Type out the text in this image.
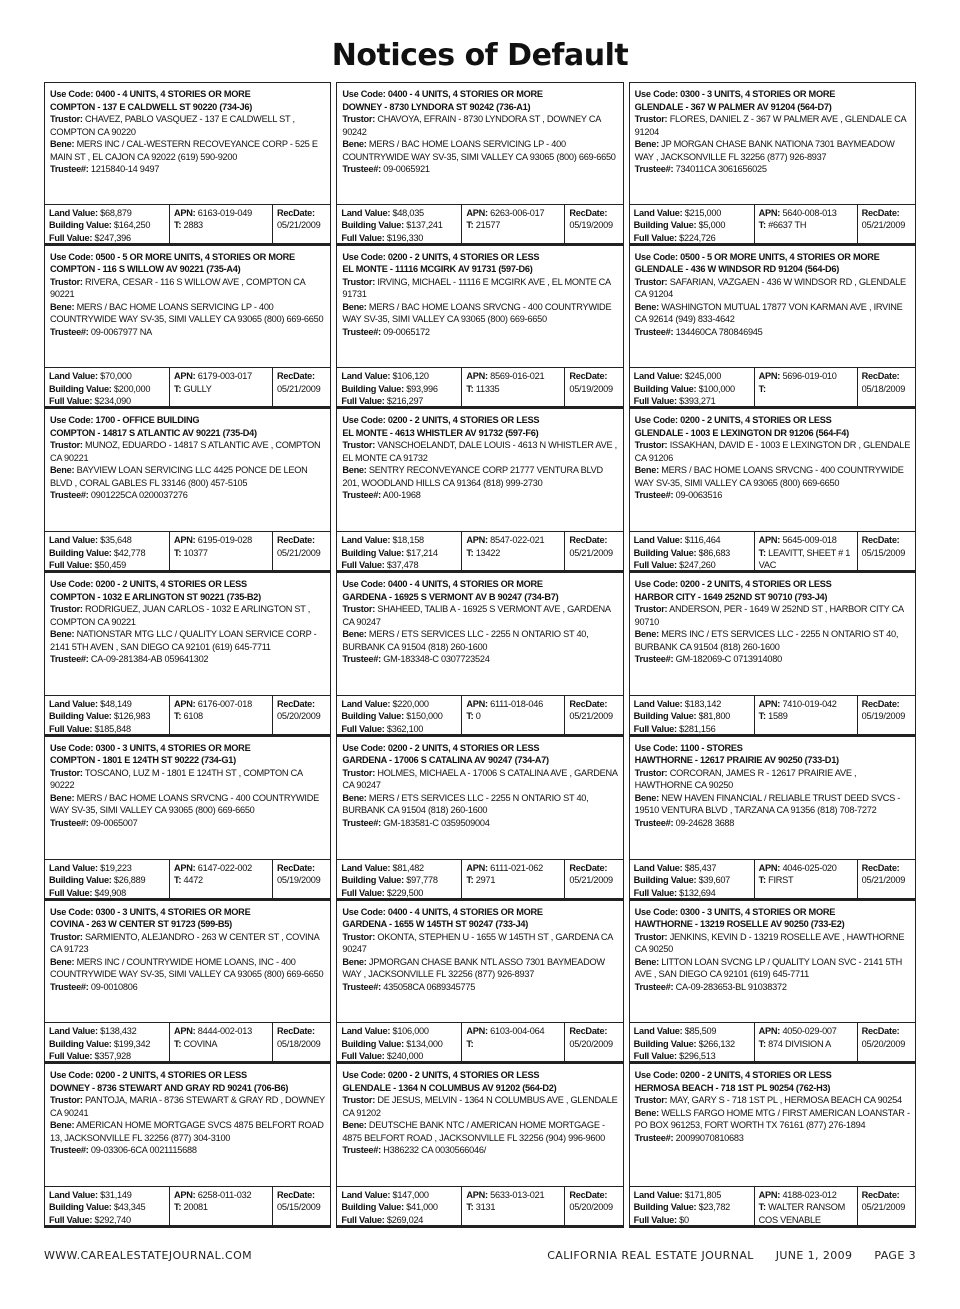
Notices of Default
Use Code: 0400 - 4 UNITS, 4 STORIES OR MORE
COMPTON - 137 E CALDWELL ST 90220 (734-J6)
Trustor: CHAVEZ, PABLO VASQUEZ - 137 E CALDWELL ST , COMPTON CA 90220
Bene: MERS INC / CAL-WESTERN RECOVEYANCE CORP - 525 E MAIN ST , EL CAJON CA 92022 (619) 590-9200
Trustee#: 1215840-14 9497
Land Value: $68,879
Building Value: $164,250
Full Value: $247,396
APN: 6163-019-049
T: 2883
RecDate:
05/21/2009
Use Code: 0400 - 4 UNITS, 4 STORIES OR MORE
DOWNEY - 8730 LYNDORA ST 90242 (736-A1)
Trustor: CHAVOYA, EFRAIN - 8730 LYNDORA ST , DOWNEY CA 90242
Bene: MERS / BAC HOME LOANS SERVICING LP - 400 COUNTRYWIDE WAY SV-35, SIMI VALLEY CA 93065 (800) 669-6650
Trustee#: 09-0065921
Land Value: $48,035
Building Value: $137,241
Full Value: $196,330
APN: 6263-006-017
T: 21577
RecDate:
05/19/2009
Use Code: 0300 - 3 UNITS, 4 STORIES OR MORE
GLENDALE - 367 W PALMER AV 91204 (564-D7)
Trustor: FLORES, DANIEL Z - 367 W PALMER AVE , GLENDALE CA 91204
Bene: JP MORGAN CHASE BANK NATIONA 7301 BAYMEADOW WAY , JACKSONVILLE FL 32256 (877) 926-8937
Trustee#: 734011CA 3061656025
Land Value: $215,000
Building Value: $5,000
Full Value: $224,726
APN: 5640-008-013
T: #6637 TH
RecDate:
05/21/2009
Use Code: 0500 - 5 OR MORE UNITS, 4 STORIES OR MORE
COMPTON - 116 S WILLOW AV 90221 (735-A4)
Trustor: RIVERA, CESAR - 116 S WILLOW AVE , COMPTON CA 90221
Bene: MERS / BAC HOME LOANS SERVICING LP - 400 COUNTRYWIDE WAY SV-35, SIMI VALLEY CA 93065 (800) 669-6650
Trustee#: 09-0067977 NA
Land Value: $70,000
Building Value: $200,000
Full Value: $234,090
APN: 6179-003-017
T: GULLY
RecDate:
05/21/2009
Use Code: 0200 - 2 UNITS, 4 STORIES OR LESS
EL MONTE - 11116 MCGIRK AV 91731 (597-D6)
Trustor: IRVING, MICHAEL - 11116 E MCGIRK AVE , EL MONTE CA 91731
Bene: MERS / BAC HOME LOANS SRVCNG - 400 COUNTRYWIDE WAY SV-35, SIMI VALLEY CA 93065 (800) 669-6650
Trustee#: 09-0065172
Land Value: $106,120
Building Value: $93,996
Full Value: $216,297
APN: 8569-016-021
T: 11335
RecDate:
05/19/2009
Use Code: 0500 - 5 OR MORE UNITS, 4 STORIES OR MORE
GLENDALE - 436 W WINDSOR RD 91204 (564-D6)
Trustor: SAFARIAN, VAZGAEN - 436 W WINDSOR RD , GLENDALE CA 91204
Bene: WASHINGTON MUTUAL 17877 VON KARMAN AVE , IRVINE CA 92614 (949) 833-4642
Trustee#: 134460CA 780846945
Land Value: $245,000
Building Value: $100,000
Full Value: $393,271
APN: 5696-019-010
T:
RecDate:
05/18/2009
Use Code: 1700 - OFFICE BUILDING
COMPTON - 14817 S ATLANTIC AV 90221 (735-D4)
Trustor: MUNOZ, EDUARDO - 14817 S ATLANTIC AVE , COMPTON CA 90221
Bene: BAYVIEW LOAN SERVICING LLC 4425 PONCE DE LEON BLVD , CORAL GABLES FL 33146 (800) 457-5105
Trustee#: 0901225CA 0200037276
Land Value: $35,648
Building Value: $42,778
Full Value: $50,459
APN: 6195-019-028
T: 10377
RecDate:
05/21/2009
Use Code: 0200 - 2 UNITS, 4 STORIES OR LESS
EL MONTE - 4613 WHISTLER AV 91732 (597-F6)
Trustor: VANSCHOELANDT, DALE LOUIS - 4613 N WHISTLER AVE , EL MONTE CA 91732
Bene: SENTRY RECONVEYANCE CORP 21777 VENTURA BLVD 201, WOODLAND HILLS CA 91364 (818) 999-2730
Trustee#: A00-1968
Land Value: $18,158
Building Value: $17,214
Full Value: $37,478
APN: 8547-022-021
T: 13422
RecDate:
05/21/2009
Use Code: 0200 - 2 UNITS, 4 STORIES OR LESS
GLENDALE - 1003 E LEXINGTON DR 91206 (564-F4)
Trustor: ISSAKHAN, DAVID E - 1003 E LEXINGTON DR , GLENDALE CA 91206
Bene: MERS / BAC HOME LOANS SRVCNG - 400 COUNTRYWIDE WAY SV-35, SIMI VALLEY CA 93065 (800) 669-6650
Trustee#: 09-0063516
Land Value: $116,464
Building Value: $86,683
Full Value: $247,260
APN: 5645-009-018
T: LEAVITT, SHEET # 1 VAC
RecDate:
05/15/2009
Use Code: 0200 - 2 UNITS, 4 STORIES OR LESS
COMPTON - 1032 E ARLINGTON ST 90221 (735-B2)
Trustor: RODRIGUEZ, JUAN CARLOS - 1032 E ARLINGTON ST , COMPTON CA 90221
Bene: NATIONSTAR MTG LLC / QUALITY LOAN SERVICE CORP - 2141 5TH AVEN , SAN DIEGO CA 92101 (619) 645-7711
Trustee#: CA-09-281384-AB 059641302
Land Value: $48,149
Building Value: $126,983
Full Value: $185,848
APN: 6176-007-018
T: 6108
RecDate:
05/20/2009
Use Code: 0400 - 4 UNITS, 4 STORIES OR MORE
GARDENA - 16925 S VERMONT AV B 90247 (734-B7)
Trustor: SHAHEED, TALIB A - 16925 S VERMONT AVE , GARDENA CA 90247
Bene: MERS / ETS SERVICES LLC - 2255 N ONTARIO ST 40, BURBANK CA 91504 (818) 260-1600
Trustee#: GM-183348-C 0307723524
Land Value: $220,000
Building Value: $150,000
Full Value: $362,100
APN: 6111-018-046
T: 0
RecDate:
05/21/2009
Use Code: 0200 - 2 UNITS, 4 STORIES OR LESS
HARBOR CITY - 1649 252ND ST 90710 (793-J4)
Trustor: ANDERSON, PER - 1649 W 252ND ST , HARBOR CITY CA 90710
Bene: MERS INC / ETS SERVICES LLC - 2255 N ONTARIO ST 40, BURBANK CA 91504 (818) 260-1600
Trustee#: GM-182069-C 0713914080
Land Value: $183,142
Building Value: $81,800
Full Value: $281,156
APN: 7410-019-042
T: 1589
RecDate:
05/19/2009
Use Code: 0300 - 3 UNITS, 4 STORIES OR MORE
COMPTON - 1801 E 124TH ST 90222 (734-G1)
Trustor: TOSCANO, LUZ M - 1801 E 124TH ST , COMPTON CA 90222
Bene: MERS / BAC HOME LOANS SRVCNG - 400 COUNTRYWIDE WAY SV-35, SIMI VALLEY CA 93065 (800) 669-6650
Trustee#: 09-0065007
Land Value: $19,223
Building Value: $26,889
Full Value: $49,908
APN: 6147-022-002
T: 4472
RecDate:
05/19/2009
Use Code: 0200 - 2 UNITS, 4 STORIES OR LESS
GARDENA - 17006 S CATALINA AV 90247 (734-A7)
Trustor: HOLMES, MICHAEL A - 17006 S CATALINA AVE , GARDENA CA 90247
Bene: MERS / ETS SERVICES LLC - 2255 N ONTARIO ST 40, BURBANK CA 91504 (818) 260-1600
Trustee#: GM-183581-C 0359509004
Land Value: $81,482
Building Value: $97,778
Full Value: $229,500
APN: 6111-021-062
T: 2971
RecDate:
05/21/2009
Use Code: 1100 - STORES
HAWTHORNE - 12617 PRAIRIE AV 90250 (733-D1)
Trustor: CORCORAN, JAMES R - 12617 PRAIRIE AVE , HAWTHORNE CA 90250
Bene: NEW HAVEN FINANCIAL / RELIABLE TRUST DEED SVCS - 19510 VENTURA BLVD , TARZANA CA 91356 (818) 708-7272
Trustee#: 09-24628 3688
Land Value: $85,437
Building Value: $39,607
Full Value: $132,694
APN: 4046-025-020
T: FIRST
RecDate:
05/21/2009
Use Code: 0300 - 3 UNITS, 4 STORIES OR MORE
COVINA - 263 W CENTER ST 91723 (599-B5)
Trustor: SARMIENTO, ALEJANDRO - 263 W CENTER ST , COVINA CA 91723
Bene: MERS INC / COUNTRYWIDE HOME LOANS, INC - 400 COUNTRYWIDE WAY SV-35, SIMI VALLEY CA 93065 (800) 669-6650
Trustee#: 09-0010806
Land Value: $138,432
Building Value: $199,342
Full Value: $357,928
APN: 8444-002-013
T: COVINA
RecDate:
05/18/2009
Use Code: 0400 - 4 UNITS, 4 STORIES OR MORE
GARDENA - 1655 W 145TH ST 90247 (733-J4)
Trustor: OKONTA, STEPHEN U - 1655 W 145TH ST , GARDENA CA 90247
Bene: JPMORGAN CHASE BANK NTL ASSO 7301 BAYMEADOW WAY , JACKSONVILLE FL 32256 (877) 926-8937
Trustee#: 435058CA 0689345775
Land Value: $106,000
Building Value: $134,000
Full Value: $240,000
APN: 6103-004-064
T:
RecDate:
05/20/2009
Use Code: 0300 - 3 UNITS, 4 STORIES OR MORE
HAWTHORNE - 13219 ROSELLE AV 90250 (733-E2)
Trustor: JENKINS, KEVIN D - 13219 ROSELLE AVE , HAWTHORNE CA 90250
Bene: LITTON LOAN SVCNG LP / QUALITY LOAN SVC - 2141 5TH AVE , SAN DIEGO CA 92101 (619) 645-7711
Trustee#: CA-09-283653-BL 91038372
Land Value: $85,509
Building Value: $266,132
Full Value: $296,513
APN: 4050-029-007
T: 874 DIVISION A
RecDate:
05/20/2009
Use Code: 0200 - 2 UNITS, 4 STORIES OR LESS
DOWNEY - 8736 STEWART AND GRAY RD 90241 (706-B6)
Trustor: PANTOJA, MARIA - 8736 STEWART & GRAY RD , DOWNEY CA 90241
Bene: AMERICAN HOME MORTGAGE SVCS 4875 BELFORT ROAD 13, JACKSONVILLE FL 32256 (877) 304-3100
Trustee#: 09-03306-6CA 0021115688
Land Value: $31,149
Building Value: $43,345
Full Value: $292,740
APN: 6258-011-032
T: 20081
RecDate:
05/15/2009
Use Code: 0200 - 2 UNITS, 4 STORIES OR LESS
GLENDALE - 1364 N COLUMBUS AV 91202 (564-D2)
Trustor: DE JESUS, MELVIN - 1364 N COLUMBUS AVE , GLENDALE CA 91202
Bene: DEUTSCHE BANK NTC / AMERICAN HOME MORTGAGE - 4875 BELFORT ROAD , JACKSONVILLE FL 32256 (904) 996-9600
Trustee#: H386232 CA 0030566046/
Land Value: $147,000
Building Value: $41,000
Full Value: $269,024
APN: 5633-013-021
T: 3131
RecDate:
05/20/2009
Use Code: 0200 - 2 UNITS, 4 STORIES OR LESS
HERMOSA BEACH - 718 1ST PL 90254 (762-H3)
Trustor: MAY, GARY S - 718 1ST PL , HERMOSA BEACH CA 90254
Bene: WELLS FARGO HOME MTG / FIRST AMERICAN LOANSTAR - PO BOX 961253, FORT WORTH TX 76161 (877) 276-1894
Trustee#: 20099070810683
Land Value: $171,805
Building Value: $23,782
Full Value: $0
APN: 4188-023-012
T: WALTER RANSOM COS VENABLE
RecDate:
05/21/2009
WWW.CAREALESTATEJOURNAL.COM	CALIFORNIA REAL ESTATE JOURNAL JUNE 1, 2009 PAGE 3
